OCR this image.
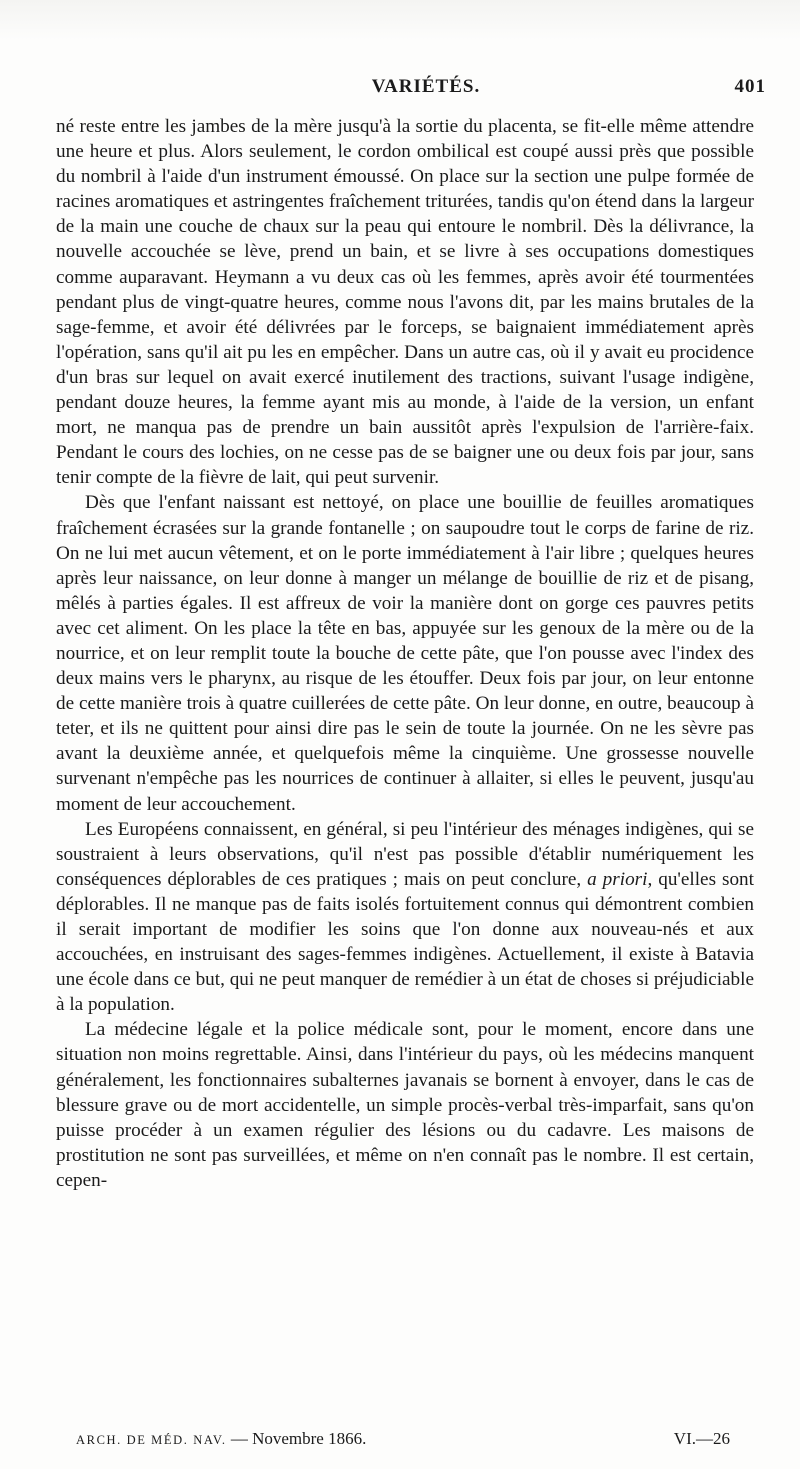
VARIÉTÉS.	401

né reste entre les jambes de la mère jusqu'à la sortie du placenta, se fit-elle même attendre une heure et plus. Alors seulement, le cordon ombilical est coupé aussi près que possible du nombril à l'aide d'un instrument émoussé. On place sur la section une pulpe formée de racines aromatiques et astringentes fraîchement triturées, tandis qu'on étend dans la largeur de la main une couche de chaux sur la peau qui entoure le nombril. Dès la délivrance, la nouvelle accouchée se lève, prend un bain, et se livre à ses occupations domestiques comme auparavant. Heymann a vu deux cas où les femmes, après avoir été tourmentées pendant plus de vingt-quatre heures, comme nous l'avons dit, par les mains brutales de la sage-femme, et avoir été délivrées par le forceps, se baignaient immédiatement après l'opération, sans qu'il ait pu les en empêcher. Dans un autre cas, où il y avait eu procidence d'un bras sur lequel on avait exercé inutilement des tractions, suivant l'usage indigène, pendant douze heures, la femme ayant mis au monde, à l'aide de la version, un enfant mort, ne manqua pas de prendre un bain aussitôt après l'expulsion de l'arrière-faix. Pendant le cours des lochies, on ne cesse pas de se baigner une ou deux fois par jour, sans tenir compte de la fièvre de lait, qui peut survenir.

Dès que l'enfant naissant est nettoyé, on place une bouillie de feuilles aromatiques fraîchement écrasées sur la grande fontanelle ; on saupoudre tout le corps de farine de riz. On ne lui met aucun vêtement, et on le porte immédiatement à l'air libre ; quelques heures après leur naissance, on leur donne à manger un mélange de bouillie de riz et de pisang, mêlés à parties égales. Il est affreux de voir la manière dont on gorge ces pauvres petits avec cet aliment. On les place la tête en bas, appuyée sur les genoux de la mère ou de la nourrice, et on leur remplit toute la bouche de cette pâte, que l'on pousse avec l'index des deux mains vers le pharynx, au risque de les étouffer. Deux fois par jour, on leur entonne de cette manière trois à quatre cuillerées de cette pâte. On leur donne, en outre, beaucoup à teter, et ils ne quittent pour ainsi dire pas le sein de toute la journée. On ne les sèvre pas avant la deuxième année, et quelquefois même la cinquième. Une grossesse nouvelle survenant n'empêche pas les nourrices de continuer à allaiter, si elles le peuvent, jusqu'au moment de leur accouchement.

Les Européens connaissent, en général, si peu l'intérieur des ménages indigènes, qui se soustraient à leurs observations, qu'il n'est pas possible d'établir numériquement les conséquences déplorables de ces pratiques ; mais on peut conclure, a priori, qu'elles sont déplorables. Il ne manque pas de faits isolés fortuitement connus qui démontrent combien il serait important de modifier les soins que l'on donne aux nouveau-nés et aux accouchées, en instruisant des sages-femmes indigènes. Actuellement, il existe à Batavia une école dans ce but, qui ne peut manquer de remédier à un état de choses si préjudiciable à la population.

La médecine légale et la police médicale sont, pour le moment, encore dans une situation non moins regrettable. Ainsi, dans l'intérieur du pays, où les médecins manquent généralement, les fonctionnaires subalternes javanais se bornent à envoyer, dans le cas de blessure grave ou de mort accidentelle, un simple procès-verbal très-imparfait, sans qu'on puisse procéder à un examen régulier des lésions ou du cadavre. Les maisons de prostitution ne sont pas surveillées, et même on n'en connaît pas le nombre. Il est certain, cepen-

ARCH. DE MÉD. NAV. — Novembre 1866.	VI.—26
